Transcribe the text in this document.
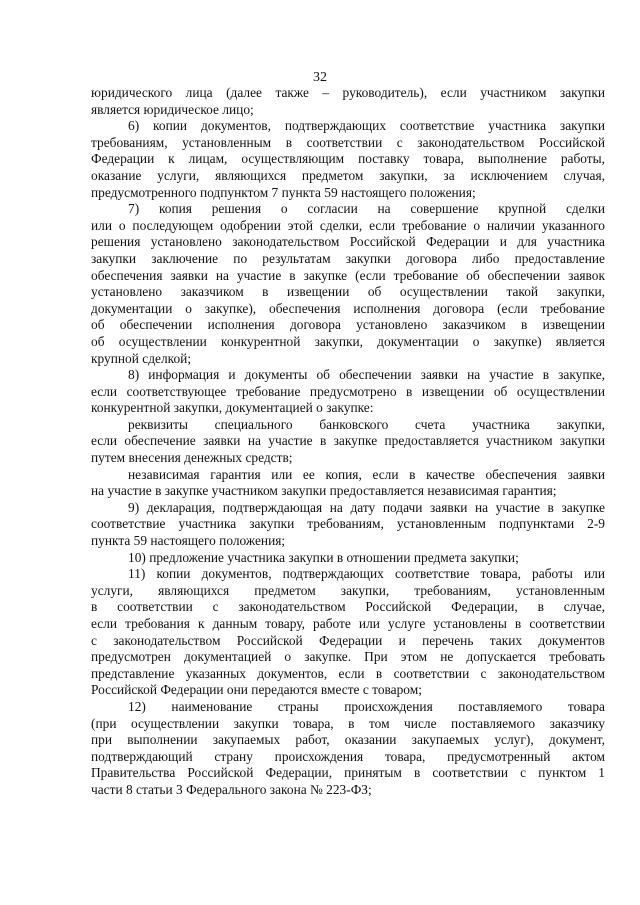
32
юридического лица (далее также – руководитель), если участником закупки
является юридическое лицо;
6) копии документов, подтверждающих соответствие участника закупки
требованиям, установленным в соответствии с законодательством Российской
Федерации к лицам, осуществляющим поставку товара, выполнение работы,
оказание услуги, являющихся предметом закупки, за исключением случая,
предусмотренного подпунктом 7 пункта 59 настоящего положения;
7) копия решения о согласии на совершение крупной сделки
или о последующем одобрении этой сделки, если требование о наличии указанного
решения установлено законодательством Российской Федерации и для участника
закупки заключение по результатам закупки договора либо предоставление
обеспечения заявки на участие в закупке (если требование об обеспечении заявок
установлено заказчиком в извещении об осуществлении такой закупки,
документации о закупке), обеспечения исполнения договора (если требование
об обеспечении исполнения договора установлено заказчиком в извещении
об осуществлении конкурентной закупки, документации о закупке) является
крупной сделкой;
8) информация и документы об обеспечении заявки на участие в закупке,
если соответствующее требование предусмотрено в извещении об осуществлении
конкурентной закупки, документацией о закупке:
реквизиты специального банковского счета участника закупки,
если обеспечение заявки на участие в закупке предоставляется участником закупки
путем внесения денежных средств;
независимая гарантия или ее копия, если в качестве обеспечения заявки
на участие в закупке участником закупки предоставляется независимая гарантия;
9) декларация, подтверждающая на дату подачи заявки на участие в закупке
соответствие участника закупки требованиям, установленным подпунктами 2-9
пункта 59 настоящего положения;
10) предложение участника закупки в отношении предмета закупки;
11) копии документов, подтверждающих соответствие товара, работы или
услуги, являющихся предметом закупки, требованиям, установленным
в соответствии с законодательством Российской Федерации, в случае,
если требования к данным товару, работе или услуге установлены в соответствии
с законодательством Российской Федерации и перечень таких документов
предусмотрен документацией о закупке. При этом не допускается требовать
представление указанных документов, если в соответствии с законодательством
Российской Федерации они передаются вместе с товаром;
12) наименование страны происхождения поставляемого товара
(при осуществлении закупки товара, в том числе поставляемого заказчику
при выполнении закупаемых работ, оказании закупаемых услуг), документ,
подтверждающий страну происхождения товара, предусмотренный актом
Правительства Российской Федерации, принятым в соответствии с пунктом 1
части 8 статьи 3 Федерального закона № 223-ФЗ;
